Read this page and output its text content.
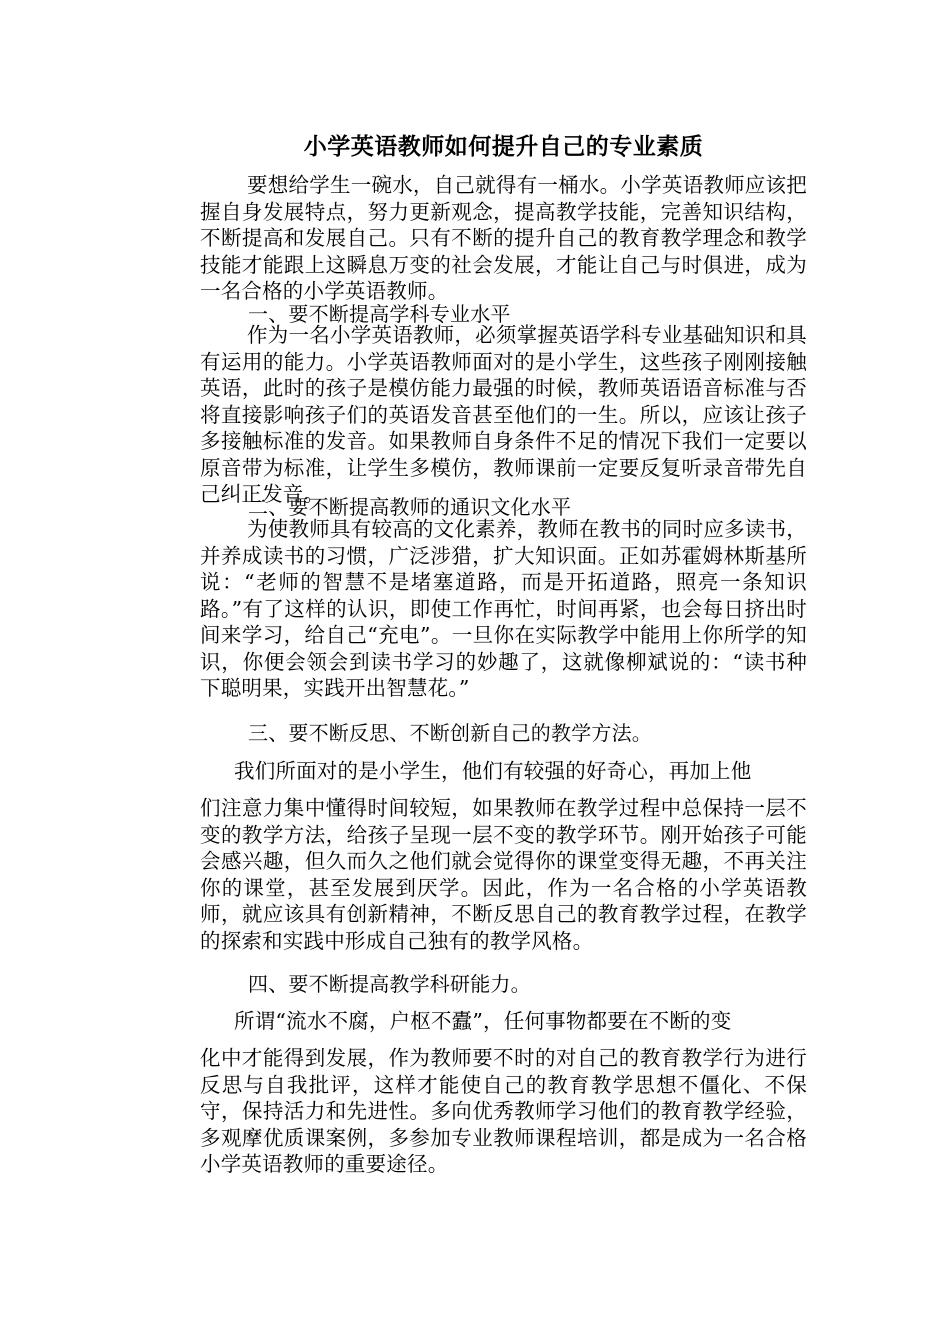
小学英语教师如何提升自己的专业素质
要想给学生一碗水，自己就得有一桶水。小学英语教师应该把握自身发展特点，努力更新观念，提高教学技能，完善知识结构，不断提高和发展自己。只有不断的提升自己的教育教学理念和教学技能才能跟上这瞬息万变的社会发展，才能让自己与时俱进，成为一名合格的小学英语教师。
一、要不断提高学科专业水平
作为一名小学英语教师，必须掌握英语学科专业基础知识和具有运用的能力。小学英语教师面对的是小学生，这些孩子刚刚接触英语，此时的孩子是模仿能力最强的时候，教师英语语音标准与否将直接影响孩子们的英语发音甚至他们的一生。所以，应该让孩子多接触标准的发音。如果教师自身条件不足的情况下我们一定要以原音带为标准，让学生多模仿，教师课前一定要反复听录音带先自己纠正发音。
二、要不断提高教师的通识文化水平
为使教师具有较高的文化素养，教师在教书的同时应多读书，并养成读书的习惯，广泛涉猎，扩大知识面。正如苏霍姆林斯基所说：“老师的智慧不是堵塞道路，而是开拓道路，照亮一条知识路。”有了这样的认识，即使工作再忙，时间再紧，也会每日挤出时间来学习，给自己“充电”。一旦你在实际教学中能用上你所学的知识，你便会领会到读书学习的妙趣了，这就像柳斌说的：“读书种下聪明果，实践开出智慧花。”
三、要不断反思、不断创新自己的教学方法。
我们所面对的是小学生，他们有较强的好奇心，再加上他
们注意力集中懂得时间较短，如果教师在教学过程中总保持一层不变的教学方法，给孩子呈现一层不变的教学环节。刚开始孩子可能会感兴趣，但久而久之他们就会觉得你的课堂变得无趣，不再关注你的课堂，甚至发展到厌学。因此，作为一名合格的小学英语教师，就应该具有创新精神，不断反思自己的教育教学过程，在教学的探索和实践中形成自己独有的教学风格。
四、要不断提高教学科研能力。
所谓“流水不腐，户枢不蠹”，任何事物都要在不断的变
化中才能得到发展，作为教师要不时的对自己的教育教学行为进行反思与自我批评，这样才能使自己的教育教学思想不僵化、不保守，保持活力和先进性。多向优秀教师学习他们的教育教学经验，多观摩优质课案例，多参加专业教师课程培训，都是成为一名合格小学英语教师的重要途径。
